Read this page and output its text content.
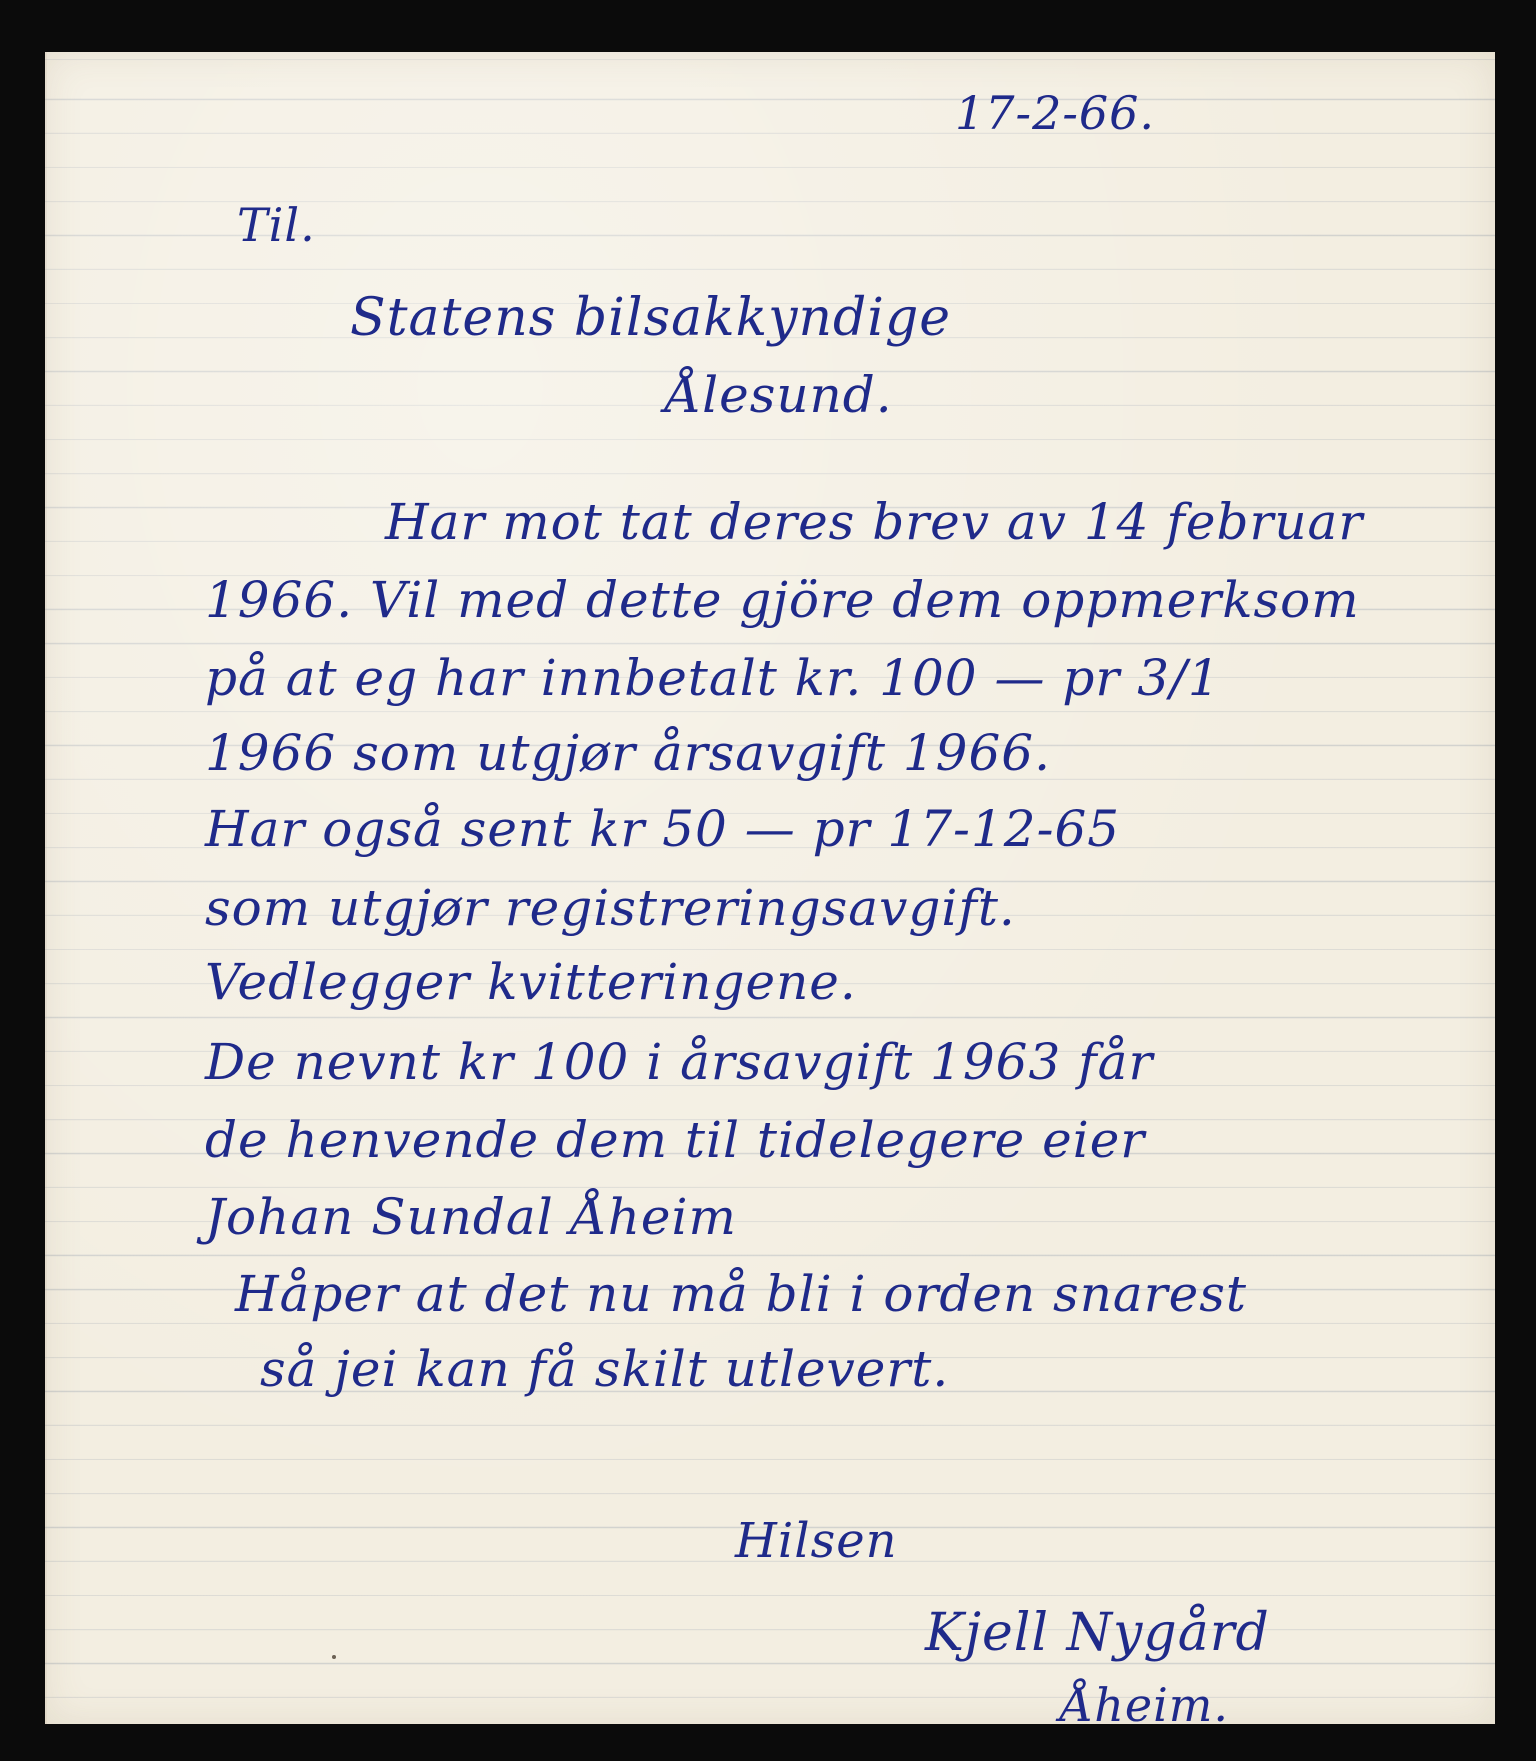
17-2-66.
Til.
Statens bilsakkyndige
Ålesund.
Har mot tat deres brev av 14 februar
1966. Vil med dette gjöre dem oppmerksom
på at eg har innbetalt kr. 100 — pr 3/1
1966 som utgjør årsavgift 1966.
Har også sent kr 50 — pr 17-12-65
som utgjør registreringsavgift.
Vedlegger kvitteringene.
De nevnt kr 100 i årsavgift 1963 får
de henvende dem til tidelegere eier
Johan Sundal Åheim
Håper at det nu må bli i orden snarest
så jei kan få skilt utlevert.
Hilsen
Kjell Nygård
Åheim.
